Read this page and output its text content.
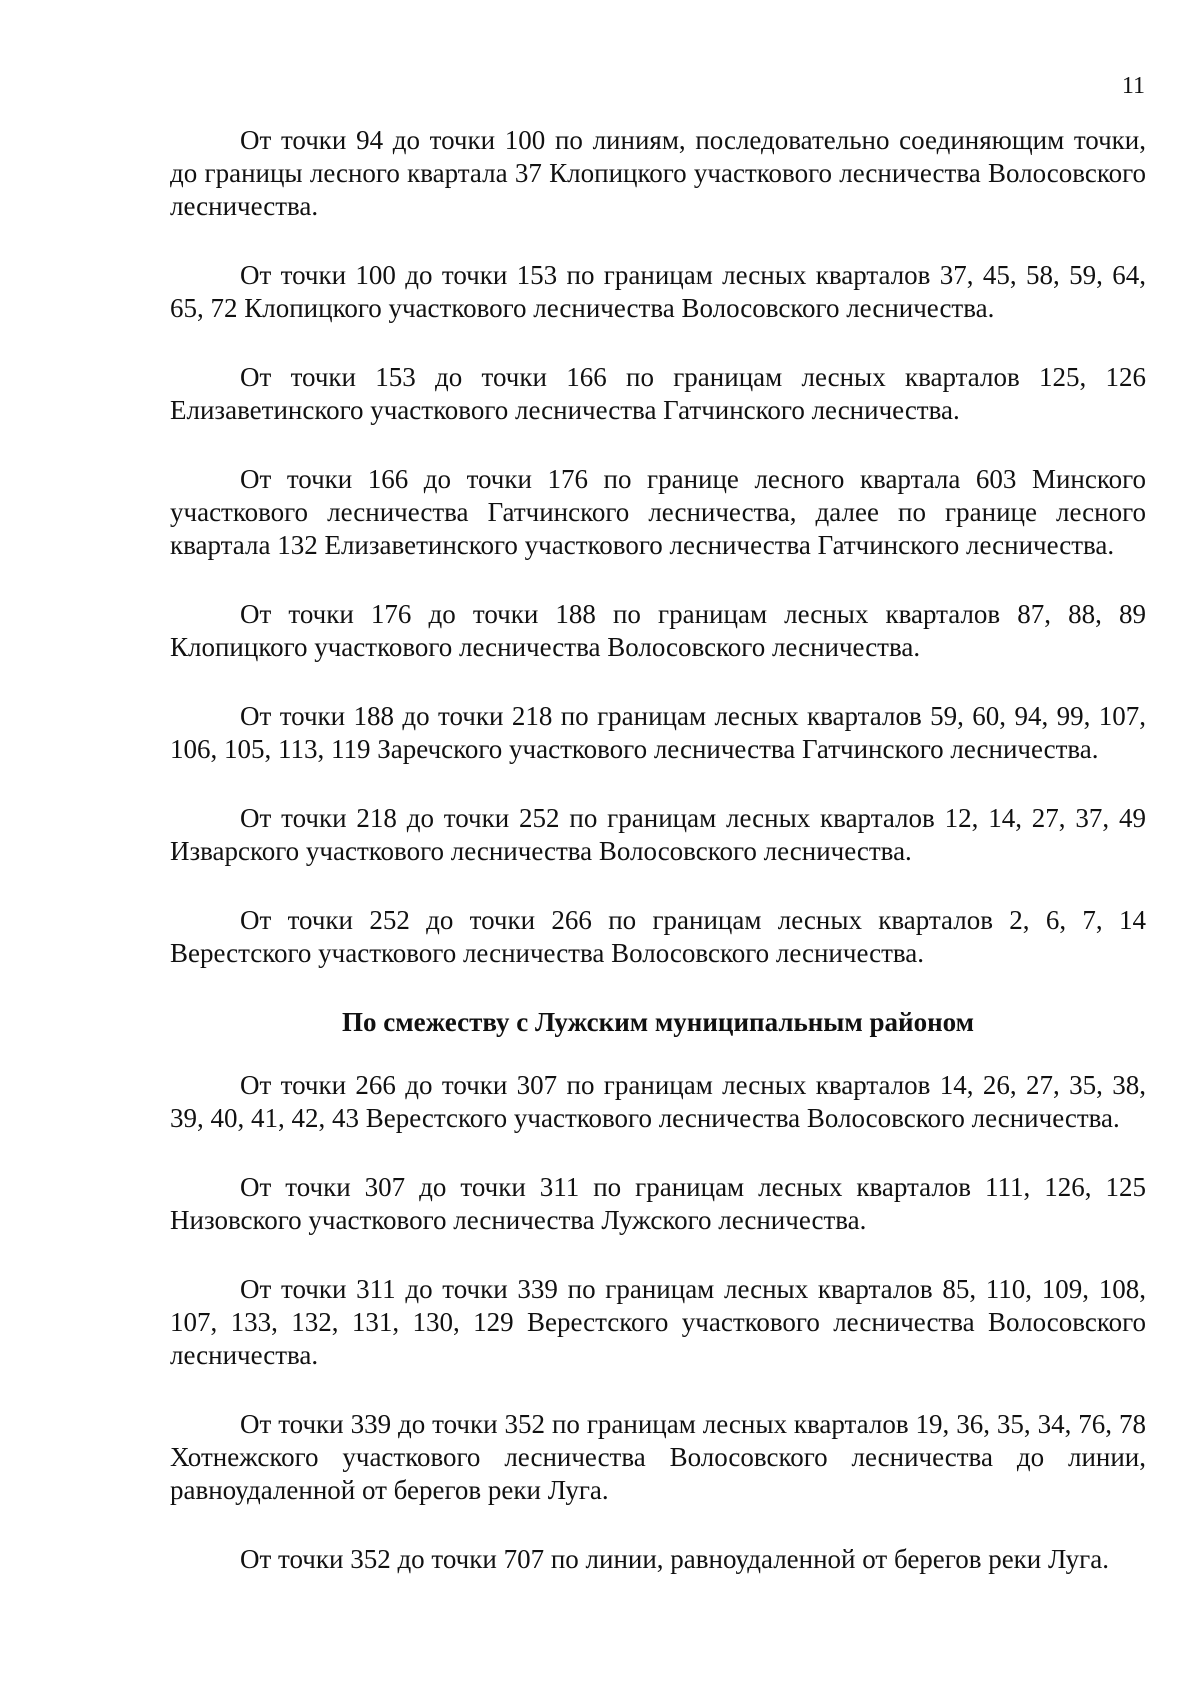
11

От точки 94 до точки 100 по линиям, последовательно соединяющим точки, до границы лесного квартала 37 Клопицкого участкового лесничества Волосовского лесничества.

От точки 100 до точки 153 по границам лесных кварталов 37, 45, 58, 59, 64, 65, 72 Клопицкого участкового лесничества Волосовского лесничества.

От точки 153 до точки 166 по границам лесных кварталов 125, 126 Елизаветинского участкового лесничества Гатчинского лесничества.

От точки 166 до точки 176 по границе лесного квартала 603 Минского участкового лесничества Гатчинского лесничества, далее по границе лесного квартала 132 Елизаветинского участкового лесничества Гатчинского лесничества.

От точки 176 до точки 188 по границам лесных кварталов 87, 88, 89 Клопицкого участкового лесничества Волосовского лесничества.

От точки 188 до точки 218 по границам лесных кварталов 59, 60, 94, 99, 107, 106, 105, 113, 119 Заречского участкового лесничества Гатчинского лесничества.

От точки 218 до точки 252 по границам лесных кварталов 12, 14, 27, 37, 49 Изварского участкового лесничества Волосовского лесничества.

От точки 252 до точки 266 по границам лесных кварталов 2, 6, 7, 14 Верестского участкового лесничества Волосовского лесничества.

По смежеству с Лужским муниципальным районом

От точки 266 до точки 307 по границам лесных кварталов 14, 26, 27, 35, 38, 39, 40, 41, 42, 43 Верестского участкового лесничества Волосовского лесничества.

От точки 307 до точки 311 по границам лесных кварталов 111, 126, 125 Низовского участкового лесничества Лужского лесничества.

От точки 311 до точки 339 по границам лесных кварталов 85, 110, 109, 108, 107, 133, 132, 131, 130, 129 Верестского участкового лесничества Волосовского лесничества.

От точки 339 до точки 352 по границам лесных кварталов 19, 36, 35, 34, 76, 78 Хотнежского участкового лесничества Волосовского лесничества до линии, равноудаленной от берегов реки Луга.

От точки 352 до точки 707 по линии, равноудаленной от берегов реки Луга.
